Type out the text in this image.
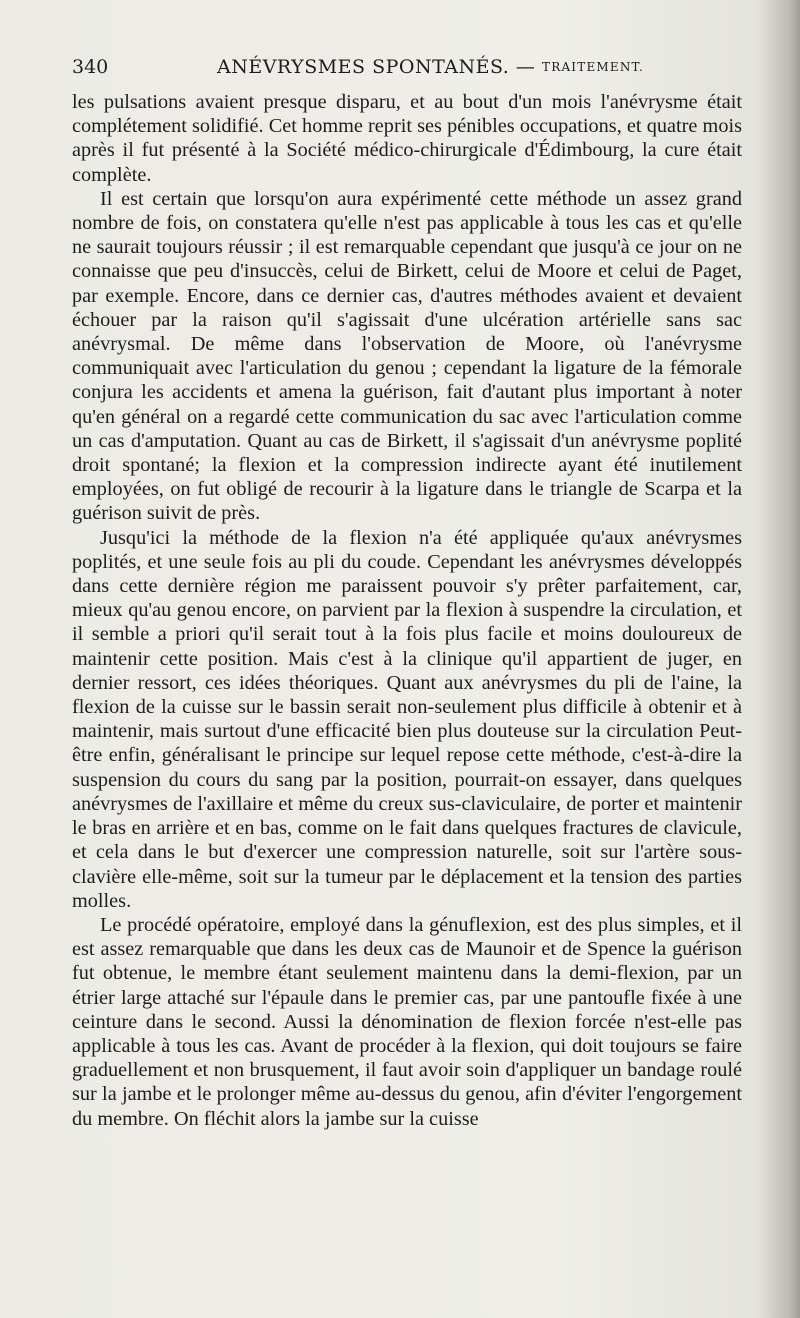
340	ANÉVRYSMES SPONTANÉS. — TRAITEMENT.

les pulsations avaient presque disparu, et au bout d'un mois l'anévrysme était complétement solidifié. Cet homme reprit ses pénibles occupations, et quatre mois après il fut présenté à la Société médico-chirurgicale d'Édimbourg, la cure était complète.

Il est certain que lorsqu'on aura expérimenté cette méthode un assez grand nombre de fois, on constatera qu'elle n'est pas applicable à tous les cas et qu'elle ne saurait toujours réussir ; il est remarquable cependant que jusqu'à ce jour on ne connaisse que peu d'insuccès, celui de Birkett, celui de Moore et celui de Paget, par exemple. Encore, dans ce dernier cas, d'autres méthodes avaient et devaient échouer par la raison qu'il s'agissait d'une ulcération artérielle sans sac anévrysmal. De même dans l'observation de Moore, où l'anévrysme communiquait avec l'articulation du genou ; cependant la ligature de la fémorale conjura les accidents et amena la guérison, fait d'autant plus important à noter qu'en général on a regardé cette communication du sac avec l'articulation comme un cas d'amputation. Quant au cas de Birkett, il s'agissait d'un anévrysme poplité droit spontané; la flexion et la compression indirecte ayant été inutilement employées, on fut obligé de recourir à la ligature dans le triangle de Scarpa et la guérison suivit de près.

Jusqu'ici la méthode de la flexion n'a été appliquée qu'aux anévrysmes poplités, et une seule fois au pli du coude. Cependant les anévrysmes développés dans cette dernière région me paraissent pouvoir s'y prêter parfaitement, car, mieux qu'au genou encore, on parvient par la flexion à suspendre la circulation, et il semble a priori qu'il serait tout à la fois plus facile et moins douloureux de maintenir cette position. Mais c'est à la clinique qu'il appartient de juger, en dernier ressort, ces idées théoriques. Quant aux anévrysmes du pli de l'aine, la flexion de la cuisse sur le bassin serait non-seulement plus difficile à obtenir et à maintenir, mais surtout d'une efficacité bien plus douteuse sur la circulation Peut-être enfin, généralisant le principe sur lequel repose cette méthode, c'est-à-dire la suspension du cours du sang par la position, pourrait-on essayer, dans quelques anévrysmes de l'axillaire et même du creux sus-claviculaire, de porter et maintenir le bras en arrière et en bas, comme on le fait dans quelques fractures de clavicule, et cela dans le but d'exercer une compression naturelle, soit sur l'artère sous-clavière elle-même, soit sur la tumeur par le déplacement et la tension des parties molles.

Le procédé opératoire, employé dans la génuflexion, est des plus simples, et il est assez remarquable que dans les deux cas de Maunoir et de Spence la guérison fut obtenue, le membre étant seulement maintenu dans la demi-flexion, par un étrier large attaché sur l'épaule dans le premier cas, par une pantoufle fixée à une ceinture dans le second. Aussi la dénomination de flexion forcée n'est-elle pas applicable à tous les cas. Avant de procéder à la flexion, qui doit toujours se faire graduellement et non brusquement, il faut avoir soin d'appliquer un bandage roulé sur la jambe et le prolonger même au-dessus du genou, afin d'éviter l'engorgement du membre. On fléchit alors la jambe sur la cuisse
